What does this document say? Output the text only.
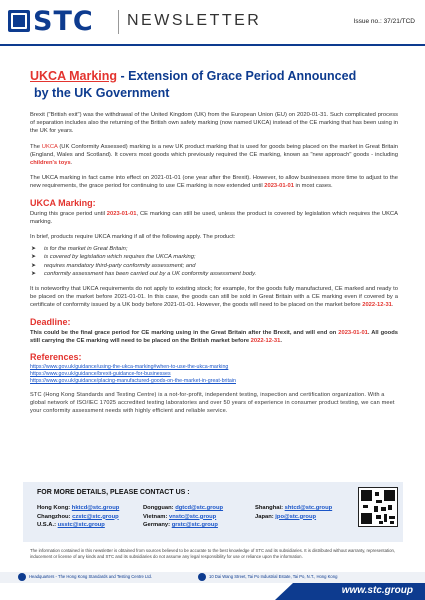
STC NEWSLETTER	Issue no.: 37/21/TCD
UKCA Marking - Extension of Grace Period Announced
by the UK Government

Brexit ("British exit") was the withdrawal of the United Kingdom (UK) from the European Union (EU) on 2020-01-31. Such complicated process of separation includes also the returning of the British own safety marking (now named UKCA) instead of the CE marking that has been using in the UK for years.

The UKCA (UK Conformity Assessed) marking is a new UK product marking that is used for goods being placed on the market in Great Britain (England, Wales and Scotland). It covers most goods which previously required the CE marking, known as "new approach" goods - including children's toys.

The UKCA marking in fact came into effect on 2021-01-01 (one year after the Brexit). However, to allow businesses more time to adjust to the new requirements, the grace period for continuing to use CE marking is now extended until 2023-01-01 in most cases.

UKCA Marking:

During this grace period until 2023-01-01, CE marking can still be used, unless the product is covered by legislation which requires the UKCA marking.

In brief, products require UKCA marking if all of the following apply. The product:

➤ is for the market in Great Britain;
➤ is covered by legislation which requires the UKCA marking;
➤ requires mandatory third-party conformity assessment; and
➤ conformity assessment has been carried out by a UK conformity assessment body.

It is noteworthy that UKCA requirements do not apply to existing stock; for example, for the goods fully manufactured, CE marked and ready to be placed on the market before 2021-01-01. In this case, the goods can still be sold in Great Britain with a CE marking even if covered by a certificate of conformity issued by a UK body before 2021-01-01. However, the goods will need to be placed on the market before 2022-12-31.

Deadline:

This could be the final grace period for CE marking using in the Great Britain after the Brexit, and will end on 2023-01-01. All goods still carrying the CE marking will need to be placed on the British market before 2022-12-31.

References:
https://www.gov.uk/guidance/using-the-ukca-marking#when-to-use-the-ukca-marking
https://www.gov.uk/guidance/brexit-guidance-for-businesses
https://www.gov.uk/guidance/placing-manufactured-goods-on-the-market-in-great-britain
STC (Hong Kong Standards and Testing Centre) is a not-for-profit, independent testing, inspection and certification organization. With a global network of ISO/IEC 17025 accredited testing laboratories and over 50 years of experience in consumer product testing, we can meet your conformity assessment needs with highly efficient and reliable service.
FOR MORE DETAILS, PLEASE CONTACT US :
Hong Kong: hktcd@stc.group
Changzhou: czstc@stc.group
U.S.A.: usstc@stc.group
Dongguan: dgtcd@stc.group
Vietnam: vnstc@stc.group
Germany: grstc@stc.group
Shanghai: shtcd@stc.group
Japan: jpo@stc.group
The information contained in this newsletter is obtained from sources believed to be accurate to the best knowledge of STC and its subsidiaries. It is distributed without warranty, representation, inducement or license of any kinds and STC and its subsidiaries do not assume any legal responsibility for use or reliance upon the information.
Headquarters - The Hong Kong Standards and Testing Centre Ltd.	10 Dai Wang Street, Tai Po Industrial Estate, Tai Po, N.T., Hong Kong
www.stc.group
